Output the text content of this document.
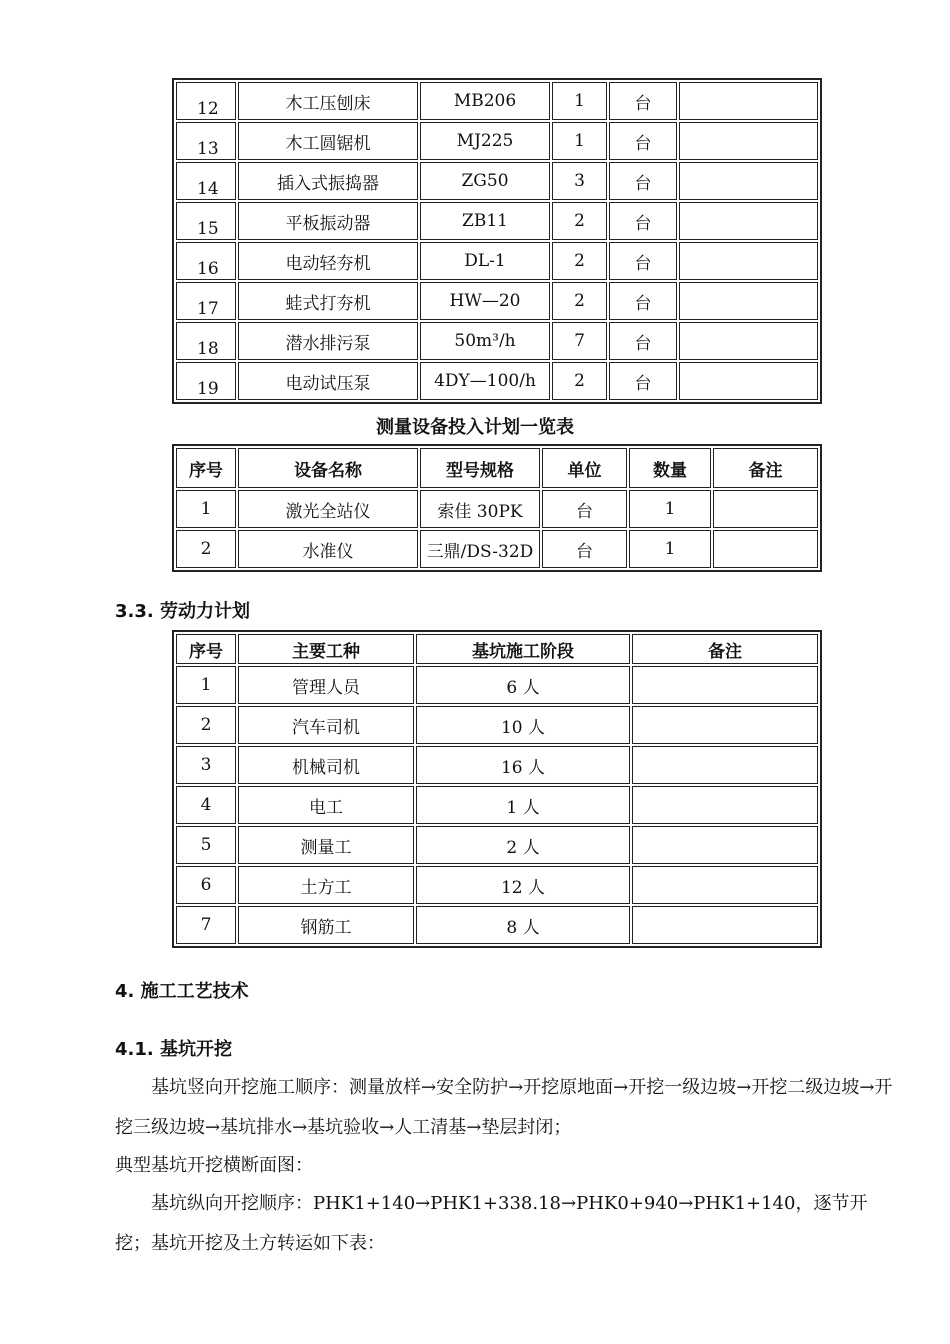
12	木工压刨床	MB206	1	台	
13	木工圆锯机	MJ225	1	台	
14	插入式振捣器	ZG50	3	台	
15	平板振动器	ZB11	2	台	
16	电动轻夯机	DL-1	2	台	
17	蛙式打夯机	HW—20	2	台	
18	潜水排污泵	50m³/h	7	台	
19	电动试压泵	4DY—100/h	2	台	
测量设备投入计划一览表
序号	设备名称	型号规格	单位	数量	备注
1	激光全站仪	索佳 30PK	台	1	
2	水准仪	三鼎/DS-32D	台	1	
3.3. 劳动力计划
序号	主要工种	基坑施工阶段	备注
1	管理人员	6 人	
2	汽车司机	10 人	
3	机械司机	16 人	
4	电工	1 人	
5	测量工	2 人	
6	土方工	12 人	
7	钢筋工	8 人	
4. 施工工艺技术
4.1. 基坑开挖
基坑竖向开挖施工顺序：测量放样→安全防护→开挖原地面→开挖一级边坡→开挖二级边坡→开挖三级边坡→基坑排水→基坑验收→人工清基→垫层封闭；
典型基坑开挖横断面图：
基坑纵向开挖顺序：PHK1+140→PHK1+338.18→PHK0+940→PHK1+140，逐节开挖；基坑开挖及土方转运如下表：
